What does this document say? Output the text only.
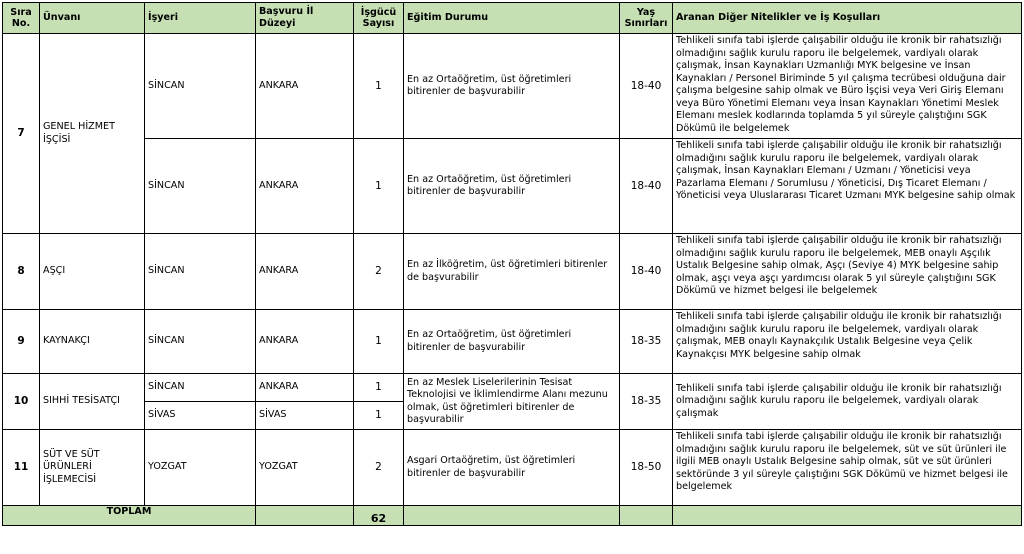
Sıra No.	Ünvanı	İşyeri	Başvuru İl Düzeyi	İşgücü Sayısı	Eğitim Durumu	Yaş Sınırları	Aranan Diğer Nitelikler ve İş Koşulları
7	GENEL HİZMET İŞÇİSİ	SİNCAN	ANKARA	1	En az Ortaöğretim, üst öğretimleri bitirenler de başvurabilir	18-40	Tehlikeli sınıfa tabi işlerde çalışabilir olduğu ile kronik bir rahatsızlığı olmadığını sağlık kurulu raporu ile belgelemek, vardiyalı olarak çalışmak, İnsan Kaynakları Uzmanlığı MYK belgesine ve İnsan Kaynakları / Personel Biriminde 5 yıl çalışma tecrübesi olduğuna dair çalışma belgesine sahip olmak ve Büro İşçisi veya Veri Giriş Elemanı veya Büro Yönetimi Elemanı veya İnsan Kaynakları Yönetimi Meslek Elemanı meslek kodlarında toplamda 5 yıl süreyle çalıştığını SGK Dökümü ile belgelemek
		SİNCAN	ANKARA	1	En az Ortaöğretim, üst öğretimleri bitirenler de başvurabilir	18-40	Tehlikeli sınıfa tabi işlerde çalışabilir olduğu ile kronik bir rahatsızlığı olmadığını sağlık kurulu raporu ile belgelemek, vardiyalı olarak çalışmak, İnsan Kaynakları Elemanı / Uzmanı / Yöneticisi veya Pazarlama Elemanı / Sorumlusu / Yöneticisi, Dış Ticaret Elemanı / Yöneticisi veya Uluslararası Ticaret Uzmanı MYK belgesine sahip olmak
8	AŞÇI	SİNCAN	ANKARA	2	En az İlköğretim, üst öğretimleri bitirenler de başvurabilir	18-40	Tehlikeli sınıfa tabi işlerde çalışabilir olduğu ile kronik bir rahatsızlığı olmadığını sağlık kurulu raporu ile belgelemek, MEB onaylı Aşçılık Ustalık Belgesine sahip olmak, Aşçı (Seviye 4) MYK belgesine sahip olmak, aşçı veya aşçı yardımcısı olarak 5 yıl süreyle çalıştığını SGK Dökümü ve hizmet belgesi ile belgelemek
9	KAYNAKÇI	SİNCAN	ANKARA	1	En az Ortaöğretim, üst öğretimleri bitirenler de başvurabilir	18-35	Tehlikeli sınıfa tabi işlerde çalışabilir olduğu ile kronik bir rahatsızlığı olmadığını sağlık kurulu raporu ile belgelemek, vardiyalı olarak çalışmak, MEB onaylı Kaynakçılık Ustalık Belgesine veya Çelik Kaynakçısı MYK belgesine sahip olmak
10	SIHHİ TESİSATÇI	SİNCAN	ANKARA	1	En az Meslek Liselerilerinin Tesisat Teknolojisi ve İklimlendirme Alanı mezunu olmak, üst öğretimleri bitirenler de başvurabilir	18-35	Tehlikeli sınıfa tabi işlerde çalışabilir olduğu ile kronik bir rahatsızlığı olmadığını sağlık kurulu raporu ile belgelemek, vardiyalı olarak çalışmak
		SİVAS	SİVAS	1			
11	SÜT VE SÜT ÜRÜNLERİ İŞLEMECİSİ	YOZGAT	YOZGAT	2	Asgari Ortaöğretim, üst öğretimleri bitirenler de başvurabilir	18-50	Tehlikeli sınıfa tabi işlerde çalışabilir olduğu ile kronik bir rahatsızlığı olmadığını sağlık kurulu raporu ile belgelemek, süt ve süt ürünleri ile ilgili MEB onaylı Ustalık Belgesine sahip olmak, süt ve süt ürünleri sektöründe 3 yıl süreyle çalıştığını SGK Dökümü ve hizmet belgesi ile belgelemek
TOPLAM				62			
